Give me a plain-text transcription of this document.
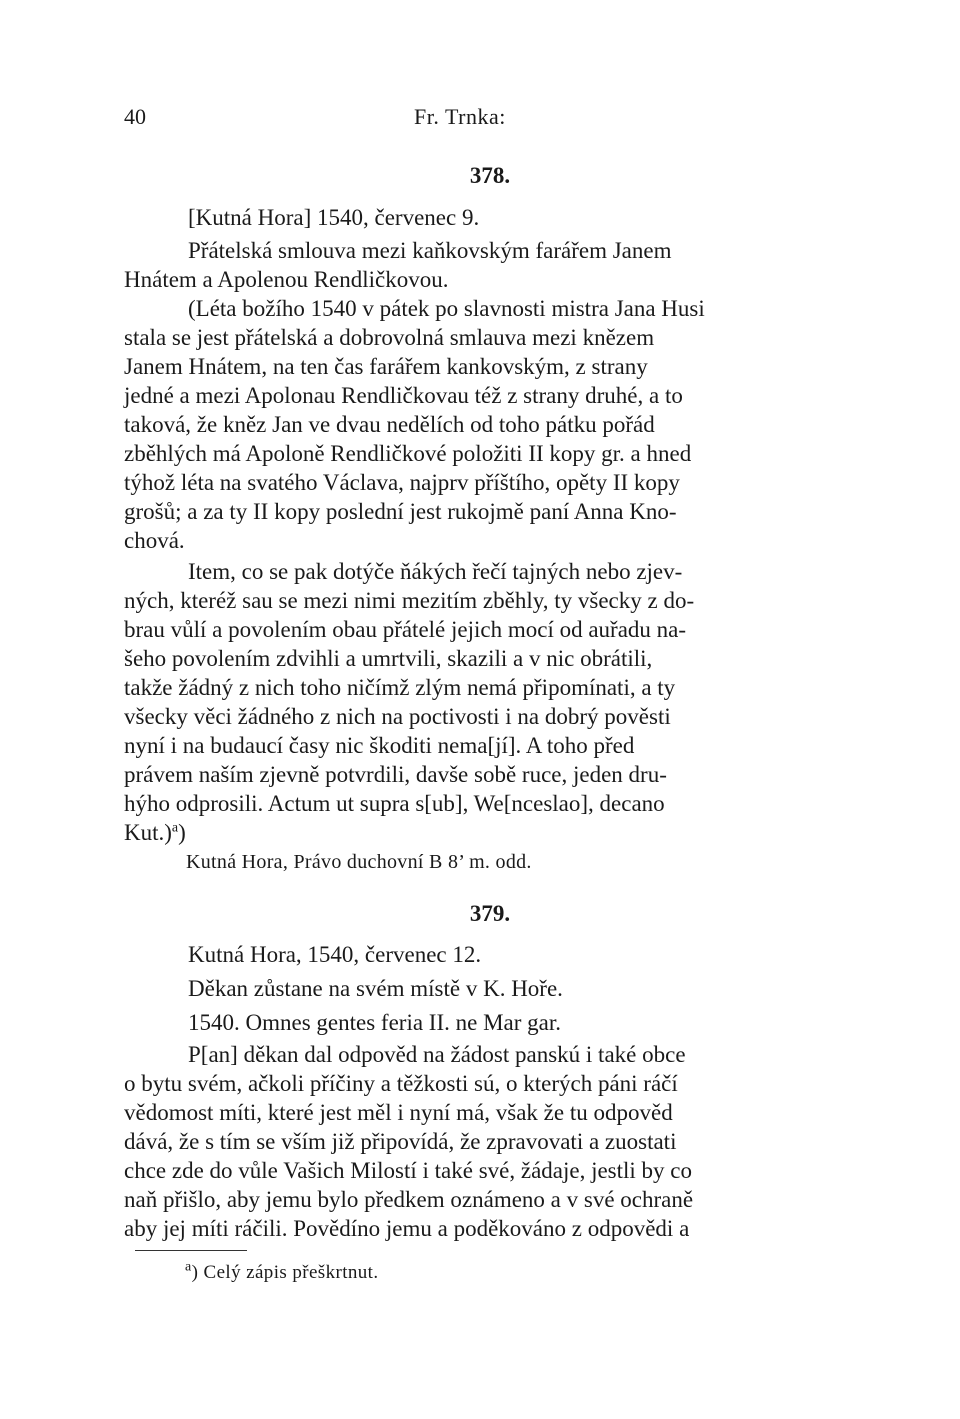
40	Fr. Trnka:
378.
[Kutná Hora] 1540, červenec 9.
Přátelská smlouva mezi kaňkovským farářem Janem
Hnátem a Apolenou Rendličkovou.
(Léta božího 1540 v pátek po slavnosti mistra Jana Husi
stala se jest přátelská a dobrovolná smlauva mezi knězem
Janem Hnátem, na ten čas farářem kankovským, z strany
jedné a mezi Apolonau Rendličkovau též z strany druhé, a to
taková, že kněz Jan ve dvau nedělích od toho pátku pořád
zběhlých má Apoloně Rendličkové položiti II kopy gr. a hned
týhož léta na svatého Václava, najprv příštího, opěty II kopy
grošů; a za ty II kopy poslední jest rukojmě paní Anna Kno-
chová.
Item, co se pak dotýče ňákých řečí tajných nebo zjev-
ných, kteréž sau se mezi nimi mezitím zběhly, ty všecky z do-
brau vůlí a povolením obau přátelé jejich mocí od auřadu na-
šeho povolením zdvihli a umrtvili, skazili a v nic obrátili,
takže žádný z nich toho ničímž zlým nemá připomínati, a ty
všecky věci žádného z nich na poctivosti i na dobrý pověsti
nyní i na budaucí časy nic škoditi nema[jí]. A toho před
právem naším zjevně potvrdili, davše sobě ruce, jeden dru-
hýho odprosili. Actum ut supra s[ub], We[nceslao], decano
Kut.)$^a$)
Kutná Hora, Právo duchovní B 8’ m. odd.
379.
Kutná Hora, 1540, červenec 12.
Děkan zůstane na svém místě v K. Hoře.
1540. Omnes gentes feria II. ne Mar gar.
P[an] děkan dal odpověd na žádost panskú i také obce
o bytu svém, ačkoli příčiny a těžkosti sú, o kterých páni ráčí
vědomost míti, které jest měl i nyní má, však že tu odpověd
dává, že s tím se vším již připovídá, že zpravovati a zuostati
chce zde do vůle Vašich Milostí i také své, žádaje, jestli by co
naň přišlo, aby jemu bylo předkem oznámeno a v své ochraně
aby jej míti ráčili. Povědíno jemu a poděkováno z odpovědi a
$^a$) Celý zápis přeškrtnut.
